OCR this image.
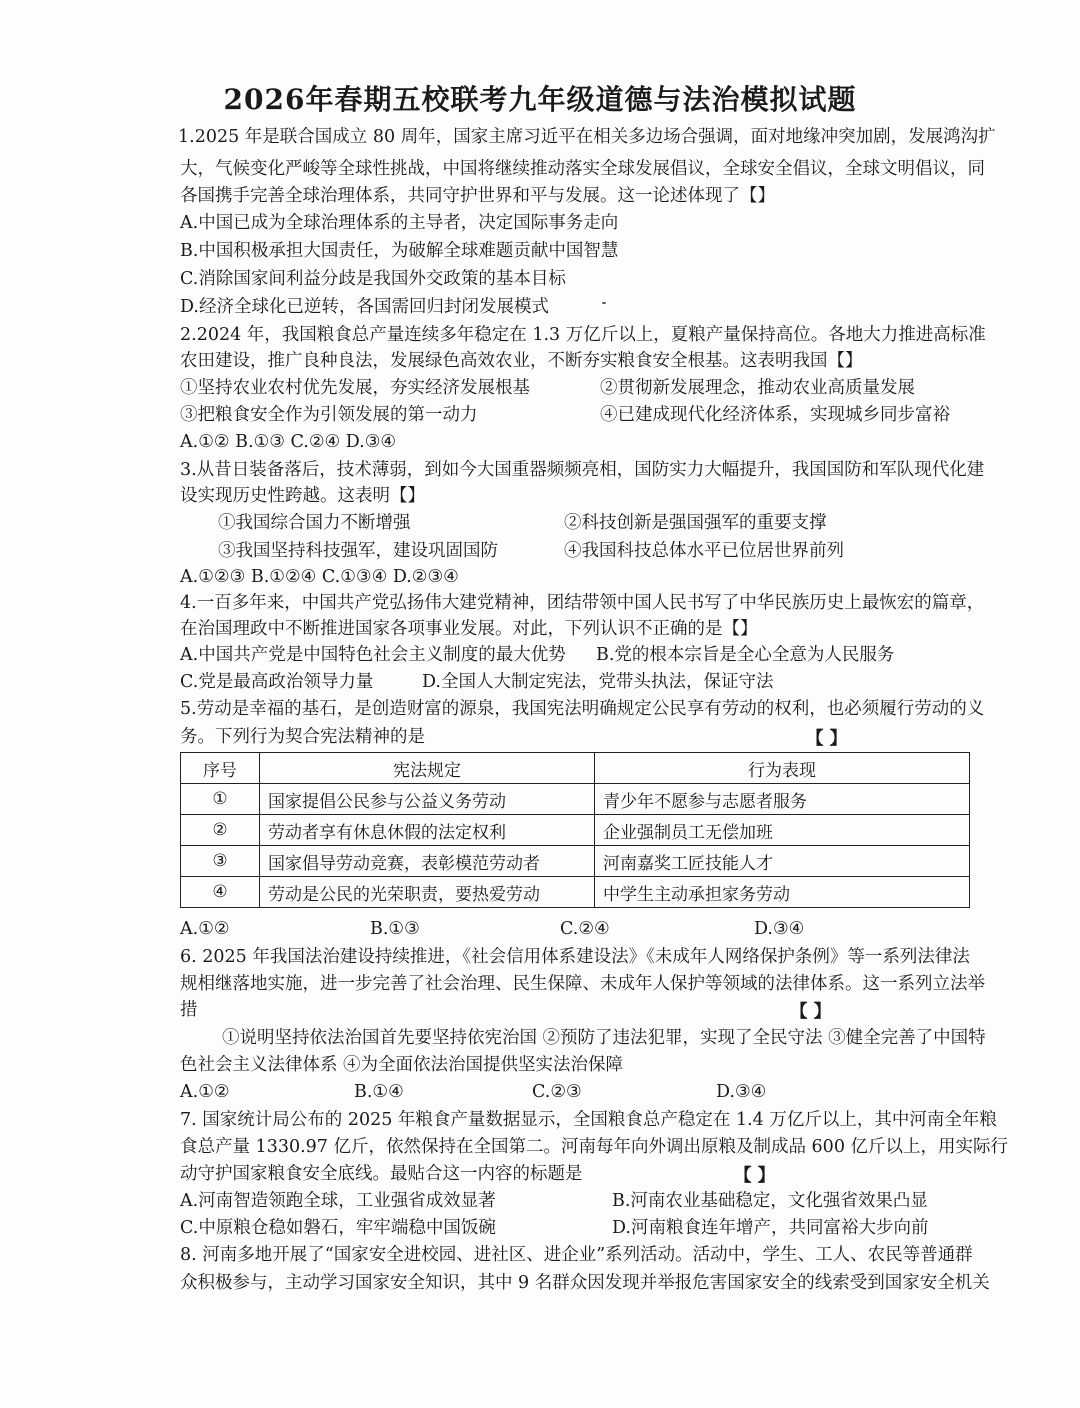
2026年春期五校联考九年级道德与法治模拟试题
1.2025 年是联合国成立 80 周年，国家主席习近平在相关多边场合强调，面对地缘冲突加剧，发展鸿沟扩
大，气候变化严峻等全球性挑战，中国将继续推动落实全球发展倡议，全球安全倡议，全球文明倡议，同
各国携手完善全球治理体系，共同守护世界和平与发展。这一论述体现了【】
A.中国已成为全球治理体系的主导者，决定国际事务走向
B.中国积极承担大国责任，为破解全球难题贡献中国智慧
C.消除国家间利益分歧是我国外交政策的基本目标
D.经济全球化已逆转，各国需回归封闭发展模式
2.2024 年，我国粮食总产量连续多年稳定在 1.3 万亿斤以上，夏粮产量保持高位。各地大力推进高标准
农田建设，推广良种良法，发展绿色高效农业，不断夯实粮食安全根基。这表明我国【】
①坚持农业农村优先发展，夯实经济发展根基	②贯彻新发展理念，推动农业高质量发展
③把粮食安全作为引领发展的第一动力	④已建成现代化经济体系，实现城乡同步富裕
A.①② B.①③ C.②④ D.③④
3.从昔日装备落后，技术薄弱，到如今大国重器频频亮相，国防实力大幅提升，我国国防和军队现代化建
设实现历史性跨越。这表明【】
①我国综合国力不断增强	②科技创新是强国强军的重要支撑
③我国坚持科技强军，建设巩固国防	④我国科技总体水平已位居世界前列
A.①②③ B.①②④ C.①③④ D.②③④
4.一百多年来，中国共产党弘扬伟大建党精神，团结带领中国人民书写了中华民族历史上最恢宏的篇章，
在治国理政中不断推进国家各项事业发展。对此，下列认识不正确的是【】
A.中国共产党是中国特色社会主义制度的最大优势 B.党的根本宗旨是全心全意为人民服务
C.党是最高政治领导力量	D.全国人大制定宪法，党带头执法，保证守法
5.劳动是幸福的基石，是创造财富的源泉，我国宪法明确规定公民享有劳动的权利，也必须履行劳动的义
务。下列行为契合宪法精神的是	【 】
序号	宪法规定	行为表现
①	国家提倡公民参与公益义务劳动	青少年不愿参与志愿者服务
②	劳动者享有休息休假的法定权利	企业强制员工无偿加班
③	国家倡导劳动竞赛，表彰模范劳动者	河南嘉奖工匠技能人才
④	劳动是公民的光荣职责，要热爱劳动	中学生主动承担家务劳动
A.①②	B.①③	C.②④	D.③④
6. 2025 年我国法治建设持续推进，《社会信用体系建设法》《未成年人网络保护条例》等一系列法律法
规相继落地实施，进一步完善了社会治理、民生保障、未成年人保护等领域的法律体系。这一系列立法举
措	【 】
①说明坚持依法治国首先要坚持依宪治国 ②预防了违法犯罪，实现了全民守法 ③健全完善了中国特
色社会主义法律体系 ④为全面依法治国提供坚实法治保障
A.①②	B.①④	C.②③	D.③④
7. 国家统计局公布的 2025 年粮食产量数据显示，全国粮食总产稳定在 1.4 万亿斤以上，其中河南全年粮
食总产量 1330.97 亿斤，依然保持在全国第二。河南每年向外调出原粮及制成品 600 亿斤以上，用实际行
动守护国家粮食安全底线。最贴合这一内容的标题是	【 】
A.河南智造领跑全球，工业强省成效显著	B.河南农业基础稳定，文化强省效果凸显
C.中原粮仓稳如磐石，牢牢端稳中国饭碗	D.河南粮食连年增产，共同富裕大步向前
8. 河南多地开展了“国家安全进校园、进社区、进企业”系列活动。活动中，学生、工人、农民等普通群
众积极参与，主动学习国家安全知识，其中 9 名群众因发现并举报危害国家安全的线索受到国家安全机关
